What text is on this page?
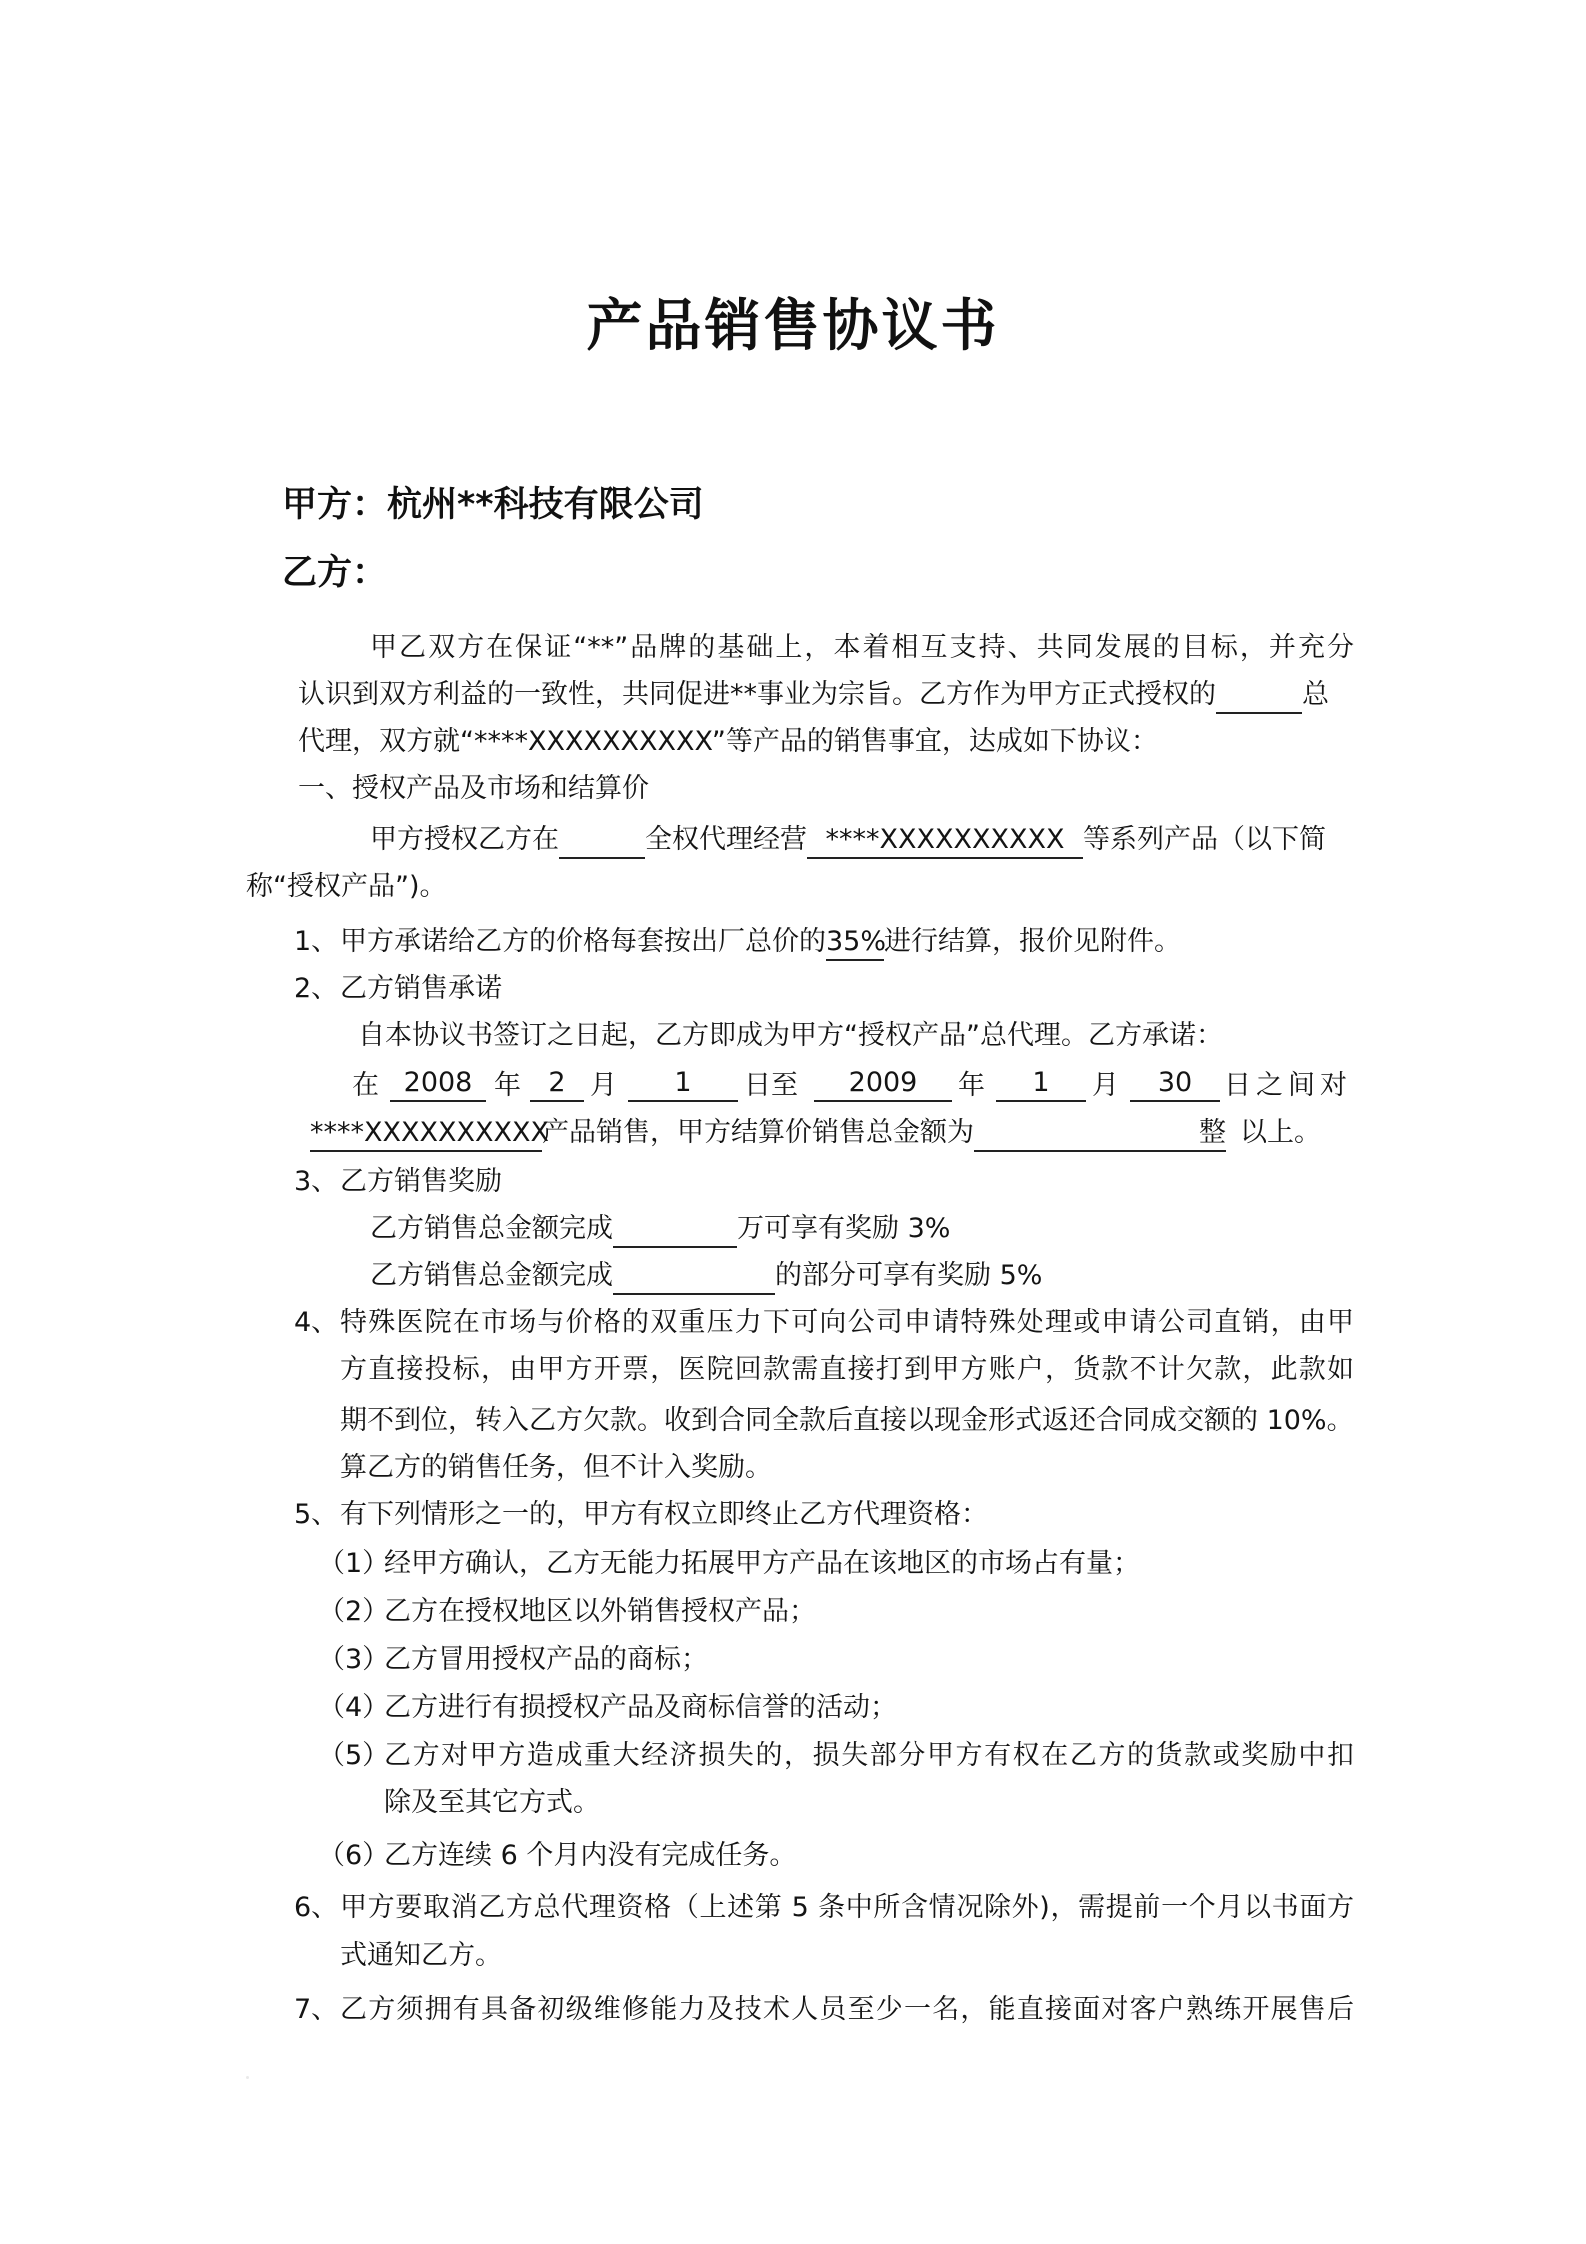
产品销售协议书
甲方：杭州**科技有限公司
乙方：
甲乙双方在保证“**”品牌的基础上，本着相互支持、共同发展的目标，并充分
认识到双方利益的一致性，共同促进**事业为宗旨。乙方作为甲方正式授权的	总
代理，双方就“****XXXXXXXXXX”等产品的销售事宜，达成如下协议：
一、授权产品及市场和结算价
甲方授权乙方在	全权代理经营 ****XXXXXXXXXX 等系列产品（以下简
称“授权产品”)。
1、 甲方承诺给乙方的价格每套按出厂总价的35%进行结算，报价见附件。
2、 乙方销售承诺
自本协议书签订之日起，乙方即成为甲方“授权产品”总代理。乙方承诺：
在 2008 年	2 月	1	日至	2009	年	1	月	30	日之间对
****XXXXXXXXXX产品销售，甲方结算价销售总金额为	整 以上。
3、 乙方销售奖励
乙方销售总金额完成	万可享有奖励 3%
乙方销售总金额完成	的部分可享有奖励 5%
4、 特殊医院在市场与价格的双重压力下可向公司申请特殊处理或申请公司直销，由甲
方直接投标，由甲方开票，医院回款需直接打到甲方账户，货款不计欠款，此款如
期不到位，转入乙方欠款。收到合同全款后直接以现金形式返还合同成交额的 10%。
算乙方的销售任务，但不计入奖励。
5、 有下列情形之一的，甲方有权立即终止乙方代理资格：
（1）
经甲方确认，乙方无能力拓展甲方产品在该地区的市场占有量；
（2）
乙方在授权地区以外销售授权产品；
（3）
乙方冒用授权产品的商标；
（4）
乙方进行有损授权产品及商标信誉的活动；
（5）
乙方对甲方造成重大经济损失的，损失部分甲方有权在乙方的货款或奖励中扣
除及至其它方式。
（6）
乙方连续 6 个月内没有完成任务。
6、 甲方要取消乙方总代理资格（上述第 5 条中所含情况除外)，需提前一个月以书面方
式通知乙方。
7、 乙方须拥有具备初级维修能力及技术人员至少一名，能直接面对客户熟练开展售后
